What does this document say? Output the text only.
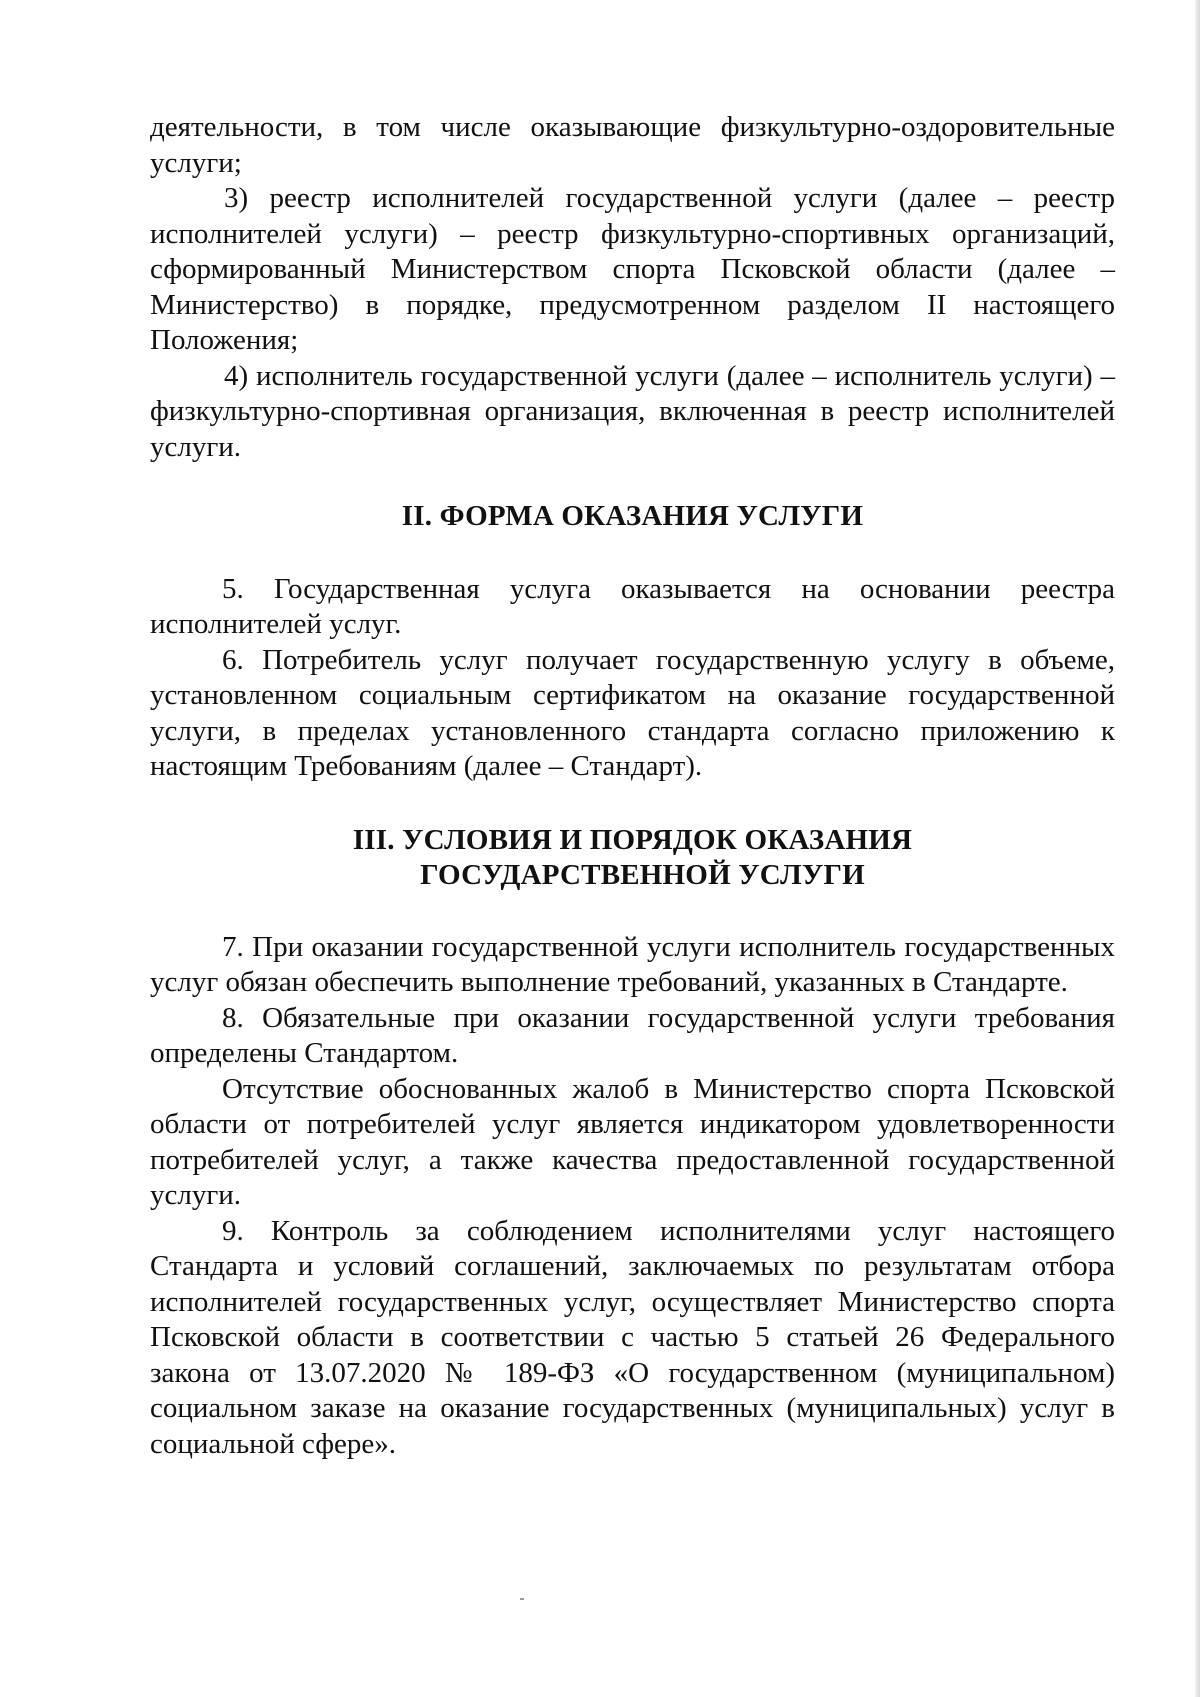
деятельности, в том числе оказывающие физкультурно-оздоровительные услуги;

3) реестр исполнителей государственной услуги (далее – реестр исполнителей услуги) – реестр физкультурно-спортивных организаций, сформированный Министерством спорта Псковской области (далее – Министерство) в порядке, предусмотренном разделом II настоящего Положения;

4) исполнитель государственной услуги (далее – исполнитель услуги) – физкультурно-спортивная организация, включенная в реестр исполнителей услуги.

II. ФОРМА ОКАЗАНИЯ УСЛУГИ

5. Государственная услуга оказывается на основании реестра исполнителей услуг.

6. Потребитель услуг получает государственную услугу в объеме, установленном социальным сертификатом на оказание государственной услуги, в пределах установленного стандарта согласно приложению к настоящим Требованиям (далее – Стандарт).

III. УСЛОВИЯ И ПОРЯДОК ОКАЗАНИЯ
ГОСУДАРСТВЕННОЙ УСЛУГИ

7. При оказании государственной услуги исполнитель государственных услуг обязан обеспечить выполнение требований, указанных в Стандарте.

8. Обязательные при оказании государственной услуги требования определены Стандартом.

Отсутствие обоснованных жалоб в Министерство спорта Псковской области от потребителей услуг является индикатором удовлетворенности потребителей услуг, а также качества предоставленной государственной услуги.

9. Контроль за соблюдением исполнителями услуг настоящего Стандарта и условий соглашений, заключаемых по результатам отбора исполнителей государственных услуг, осуществляет Министерство спорта Псковской области в соответствии с частью 5 статьей 26 Федерального закона от 13.07.2020 № 189-ФЗ «О государственном (муниципальном) социальном заказе на оказание государственных (муниципальных) услуг в социальной сфере».
